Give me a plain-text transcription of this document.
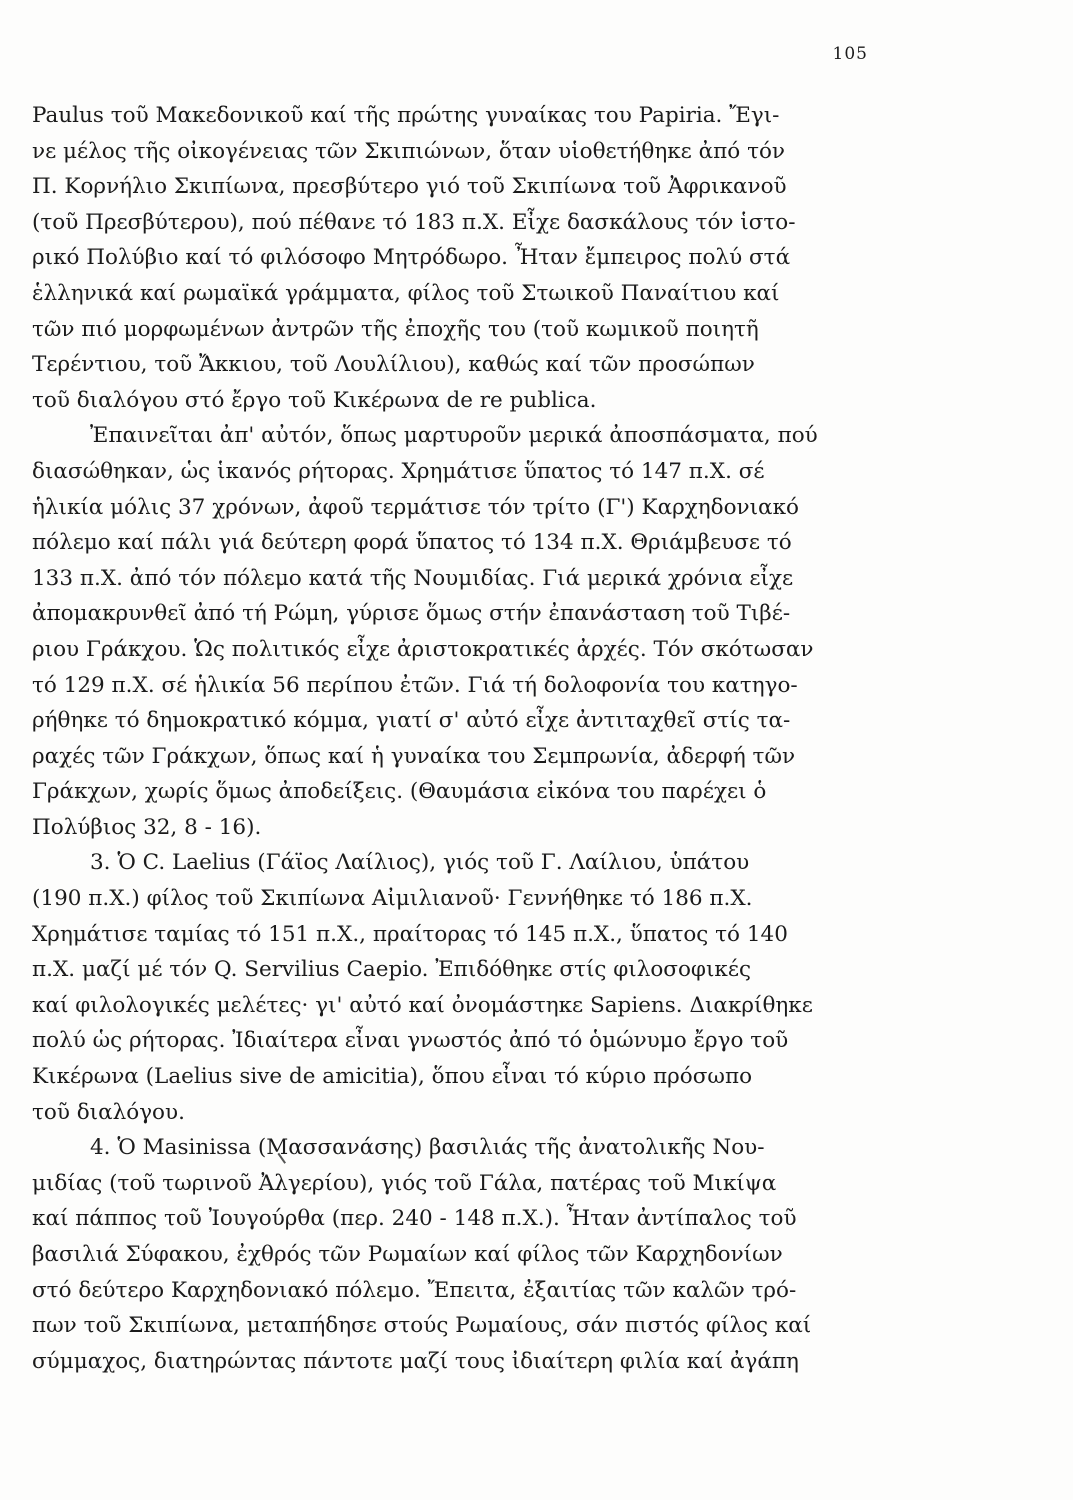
105
Paulus τοῦ Μακεδονικοῦ καί τῆς πρώτης γυναίκας του Papiria. Ἔγι-
νε μέλος τῆς οἰκογένειας τῶν Σκιπιώνων, ὅταν υἱοθετήθηκε ἀπό τόν
Π. Κορνήλιο Σκιπίωνα, πρεσβύτερο γιό τοῦ Σκιπίωνα τοῦ Ἀφρικανοῦ
(τοῦ Πρεσβύτερου), πού πέθανε τό 183 π.Χ. Εἶχε δασκάλους τόν ἱστο-
ρικό Πολύβιο καί τό φιλόσοφο Μητρόδωρο. Ἦταν ἔμπειρος πολύ στά
ἑλληνικά καί ρωμαϊκά γράμματα, φίλος τοῦ Στωικοῦ Παναίτιου καί
τῶν πιό μορφωμένων ἀντρῶν τῆς ἐποχῆς του (τοῦ κωμικοῦ ποιητῆ
Τερέντιου, τοῦ Ἄκκιου, τοῦ Λουλίλιου), καθώς καί τῶν προσώπων
τοῦ διαλόγου στό ἔργο τοῦ Κικέρωνα de re publica.
Ἐπαινεῖται ἀπ' αὐτόν, ὅπως μαρτυροῦν μερικά ἀποσπάσματα, πού
διασώθηκαν, ὡς ἱκανός ρήτορας. Χρημάτισε ὕπατος τό 147 π.Χ. σέ
ἡλικία μόλις 37 χρόνων, ἀφοῦ τερμάτισε τόν τρίτο (Γ') Καρχηδονιακό
πόλεμο καί πάλι γιά δεύτερη φορά ὕπατος τό 134 π.Χ. Θριάμβευσε τό
133 π.Χ. ἀπό τόν πόλεμο κατά τῆς Νουμιδίας. Γιά μερικά χρόνια εἶχε
ἀπομακρυνθεῖ ἀπό τή Ρώμη, γύρισε ὅμως στήν ἐπανάσταση τοῦ Τιβέ-
ριου Γράκχου. Ὡς πολιτικός εἶχε ἀριστοκρατικές ἀρχές. Τόν σκότωσαν
τό 129 π.Χ. σέ ἡλικία 56 περίπου ἐτῶν. Γιά τή δολοφονία του κατηγο-
ρήθηκε τό δημοκρατικό κόμμα, γιατί σ' αὐτό εἶχε ἀντιταχθεῖ στίς τα-
ραχές τῶν Γράκχων, ὅπως καί ἡ γυναίκα του Σεμπρωνία, ἀδερφή τῶν
Γράκχων, χωρίς ὅμως ἀποδείξεις. (Θαυμάσια εἰκόνα του παρέχει ὁ
Πολύβιος 32, 8 - 16).
3. Ὁ C. Laelius (Γάϊος Λαίλιος), γιός τοῦ Γ. Λαίλιου, ὑπάτου
(190 π.Χ.) φίλος τοῦ Σκιπίωνα Αἰμιλιανοῦ· Γεννήθηκε τό 186 π.Χ.
Χρημάτισε ταμίας τό 151 π.Χ., πραίτορας τό 145 π.Χ., ὕπατος τό 140
π.Χ. μαζί μέ τόν Q. Servilius Caepio. Ἐπιδόθηκε στίς φιλοσοφικές
καί φιλολογικές μελέτες· γι' αὐτό καί ὀνομάστηκε Sapiens. Διακρίθηκε
πολύ ὡς ρήτορας. Ἰδιαίτερα εἶναι γνωστός ἀπό τό ὁμώνυμο ἔργο τοῦ
Κικέρωνα (Laelius sive de amicitia), ὅπου εἶναι τό κύριο πρόσωπο
τοῦ διαλόγου.
4. Ὁ Masinissa (Μασσανάσης) βασιλιάς τῆς ἀνατολικῆς Νου-
μιδίας (τοῦ τωρινοῦ Ἀλγερίου), γιός τοῦ Γάλα, πατέρας τοῦ Μικίψα
καί πάππος τοῦ Ἰουγούρθα (περ. 240 - 148 π.Χ.). Ἦταν ἀντίπαλος τοῦ
βασιλιά Σύφακου, ἐχθρός τῶν Ρωμαίων καί φίλος τῶν Καρχηδονίων
στό δεύτερο Καρχηδονιακό πόλεμο. Ἔπειτα, ἐξαιτίας τῶν καλῶν τρό-
πων τοῦ Σκιπίωνα, μεταπήδησε στούς Ρωμαίους, σάν πιστός φίλος καί
σύμμαχος, διατηρώντας πάντοτε μαζί τους ἰδιαίτερη φιλία καί ἀγάπη
